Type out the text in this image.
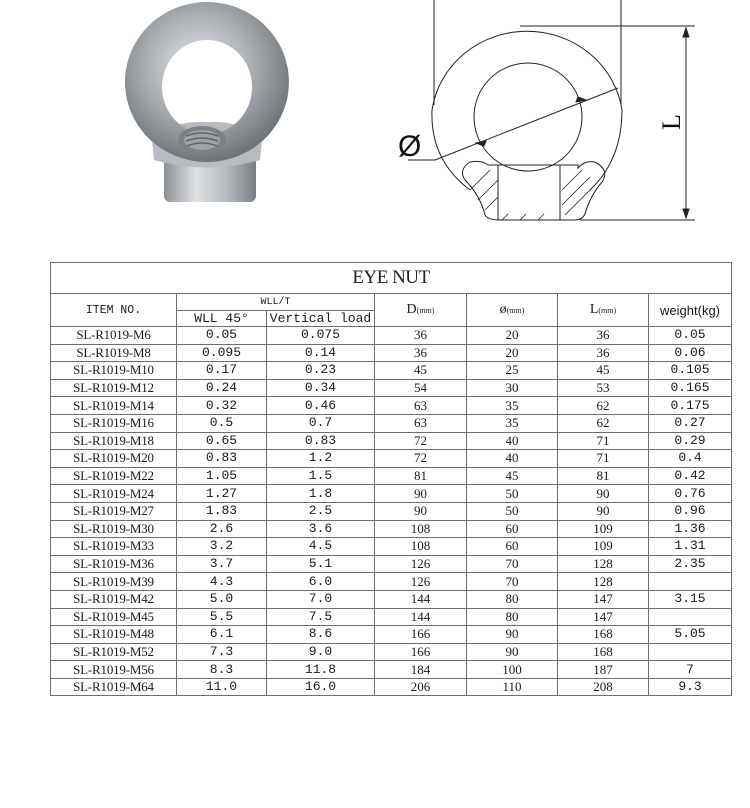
Ø
L
EYE NUT						
ITEM NO.	WLL/T		D(mm)	ø(mm)	L(mm)	weight(kg)
	WLL 45°	Vertical load				
SL-R1019-M6	0.05	0.075	36	20	36	0.05
SL-R1019-M8	0.095	0.14	36	20	36	0.06
SL-R1019-M10	0.17	0.23	45	25	45	0.105
SL-R1019-M12	0.24	0.34	54	30	53	0.165
SL-R1019-M14	0.32	0.46	63	35	62	0.175
SL-R1019-M16	0.5	0.7	63	35	62	0.27
SL-R1019-M18	0.65	0.83	72	40	71	0.29
SL-R1019-M20	0.83	1.2	72	40	71	0.4
SL-R1019-M22	1.05	1.5	81	45	81	0.42
SL-R1019-M24	1.27	1.8	90	50	90	0.76
SL-R1019-M27	1.83	2.5	90	50	90	0.96
SL-R1019-M30	2.6	3.6	108	60	109	1.36
SL-R1019-M33	3.2	4.5	108	60	109	1.31
SL-R1019-M36	3.7	5.1	126	70	128	2.35
SL-R1019-M39	4.3	6.0	126	70	128	
SL-R1019-M42	5.0	7.0	144	80	147	3.15
SL-R1019-M45	5.5	7.5	144	80	147	
SL-R1019-M48	6.1	8.6	166	90	168	5.05
SL-R1019-M52	7.3	9.0	166	90	168	
SL-R1019-M56	8.3	11.8	184	100	187	7
SL-R1019-M64	11.0	16.0	206	110	208	9.3
